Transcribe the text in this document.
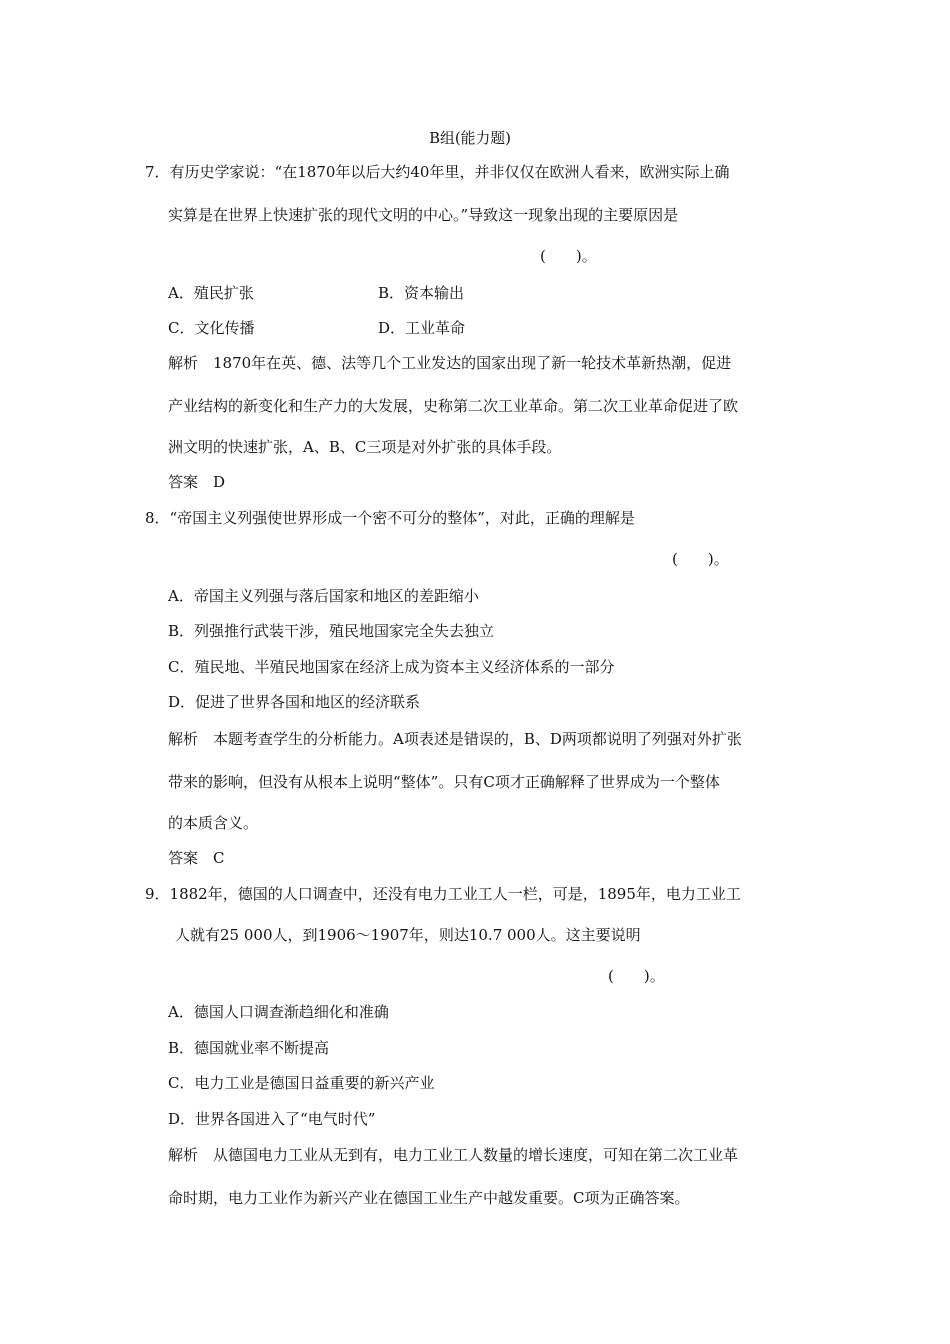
B组(能力题)
7．有历史学家说：“在1870年以后大约40年里，并非仅仅在欧洲人看来，欧洲实际上确
实算是在世界上快速扩张的现代文明的中心。”导致这一现象出现的主要原因是
(　　)。
A．殖民扩张	B．资本输出
C．文化传播	D．工业革命
解析　1870年在英、德、法等几个工业发达的国家出现了新一轮技术革新热潮，促进
产业结构的新变化和生产力的大发展，史称第二次工业革命。第二次工业革命促进了欧
洲文明的快速扩张，A、B、C三项是对外扩张的具体手段。
答案　D
8．“帝国主义列强使世界形成一个密不可分的整体”，对此，正确的理解是
(　　)。
A．帝国主义列强与落后国家和地区的差距缩小
B．列强推行武装干涉，殖民地国家完全失去独立
C．殖民地、半殖民地国家在经济上成为资本主义经济体系的一部分
D．促进了世界各国和地区的经济联系
解析　本题考查学生的分析能力。A项表述是错误的，B、D两项都说明了列强对外扩张
带来的影响，但没有从根本上说明“整体”。只有C项才正确解释了世界成为一个整体
的本质含义。
答案　C
9．1882年，德国的人口调查中，还没有电力工业工人一栏，可是，1895年，电力工业工
人就有25 000人，到1906～1907年，则达10.7 000人。这主要说明
(　　)。
A．德国人口调查渐趋细化和准确
B．德国就业率不断提高
C．电力工业是德国日益重要的新兴产业
D．世界各国进入了“电气时代”
解析　从德国电力工业从无到有，电力工业工人数量的增长速度，可知在第二次工业革
命时期，电力工业作为新兴产业在德国工业生产中越发重要。C项为正确答案。
